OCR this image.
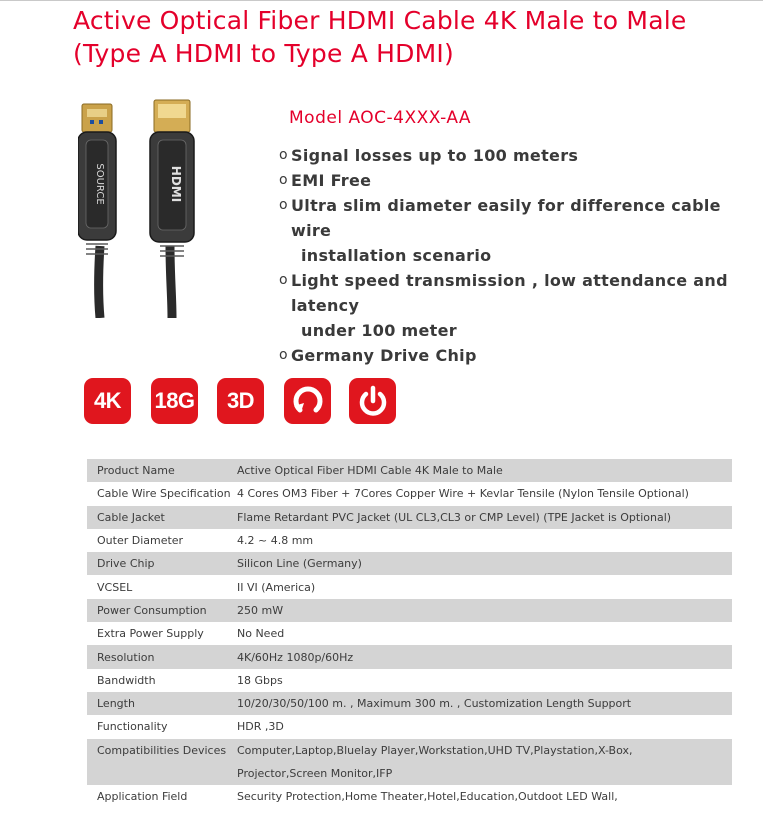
Active Optical Fiber HDMI Cable 4K Male to Male
(Type A HDMI to Type A HDMI)
SOURCE	HDMI
Model AOC-4XXX-AA
o Signal losses up to 100 meters
o EMI Free
o Ultra slim diameter easily for difference cable wire
installation scenario
o Light speed transmission , low attendance and latency
under 100 meter
o Germany Drive Chip
4K	18G	3D
Product Name	Active Optical Fiber HDMI Cable 4K Male to Male
Cable Wire Specification	4 Cores OM3 Fiber + 7Cores Copper Wire + Kevlar Tensile (Nylon Tensile Optional)
Cable Jacket	Flame Retardant PVC Jacket (UL CL3,CL3 or CMP Level) (TPE Jacket is Optional)
Outer Diameter	4.2 ~ 4.8 mm
Drive Chip	Silicon Line (Germany)
VCSEL	II VI (America)
Power Consumption	250 mW
Extra Power Supply	No Need
Resolution	4K/60Hz 1080p/60Hz
Bandwidth	18 Gbps
Length	10/20/30/50/100 m. , Maximum 300 m. , Customization Length Support
Functionality	HDR ,3D
Compatibilities Devices	Computer,Laptop,Bluelay Player,Workstation,UHD TV,Playstation,X-Box,
	Projector,Screen Monitor,IFP
Application Field	Security Protection,Home Theater,Hotel,Education,Outdoot LED Wall,
